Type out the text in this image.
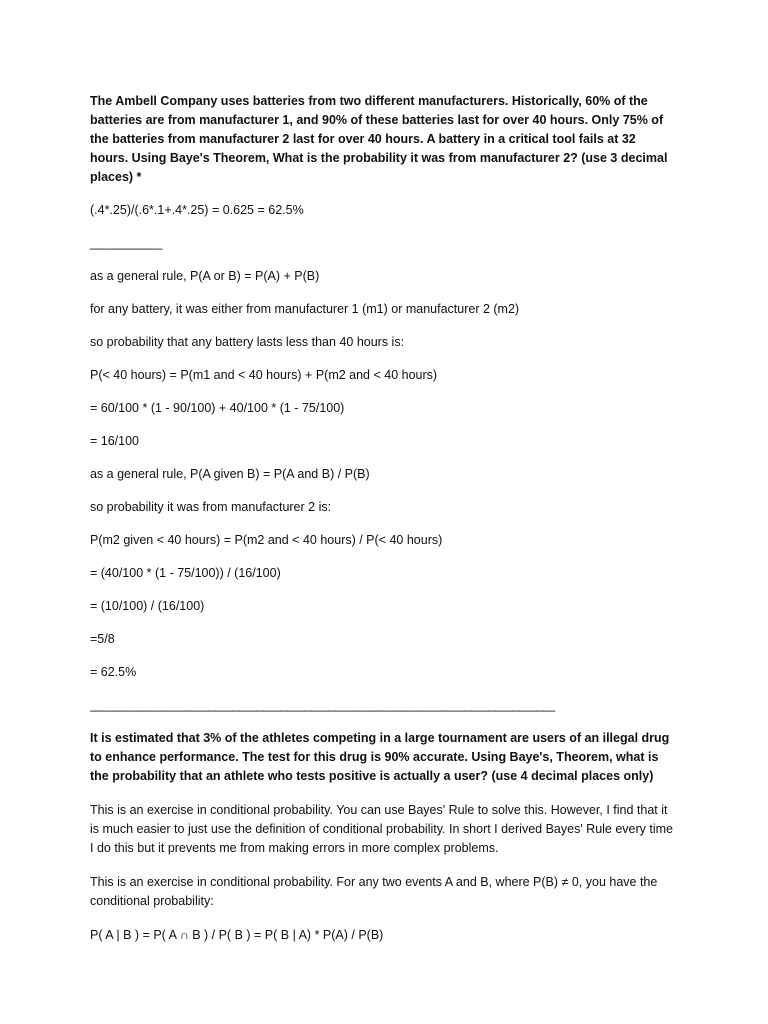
The Ambell Company uses batteries from two different manufacturers. Historically, 60% of the batteries are from manufacturer 1, and 90% of these batteries last for over 40 hours. Only 75% of the batteries from manufacturer 2 last for over 40 hours. A battery in a critical tool fails at 32 hours. Using Baye's Theorem, What is the probability it was from manufacturer 2? (use 3 decimal places) *

(.4*.25)/(.6*.1+.4*.25) = 0.625 = 62.5%

____________

as a general rule, P(A or B) = P(A) + P(B)

for any battery, it was either from manufacturer 1 (m1) or manufacturer 2 (m2)

so probability that any battery lasts less than 40 hours is:

P(< 40 hours) = P(m1 and < 40 hours) + P(m2 and < 40 hours)

= 60/100 * (1 - 90/100) + 40/100 * (1 - 75/100)

= 16/100

as a general rule, P(A given B) = P(A and B) / P(B)

so probability it was from manufacturer 2 is:

P(m2 given < 40 hours) = P(m2 and < 40 hours) / P(< 40 hours)

= (40/100 * (1 - 75/100)) / (16/100)

= (10/100) / (16/100)

=5/8

= 62.5%

______________________________________________________________________________

It is estimated that 3% of the athletes competing in a large tournament are users of an illegal drug to enhance performance. The test for this drug is 90% accurate. Using Baye's, Theorem, what is the probability that an athlete who tests positive is actually a user? (use 4 decimal places only)

This is an exercise in conditional probability. You can use Bayes' Rule to solve this. However, I find that it is much easier to just use the definition of conditional probability. In short I derived Bayes' Rule every time I do this but it prevents me from making errors in more complex problems.

This is an exercise in conditional probability. For any two events A and B, where P(B) ≠ 0, you have the conditional probability:

P( A | B ) = P( A ∩ B ) / P( B ) = P( B | A) * P(A) / P(B)
